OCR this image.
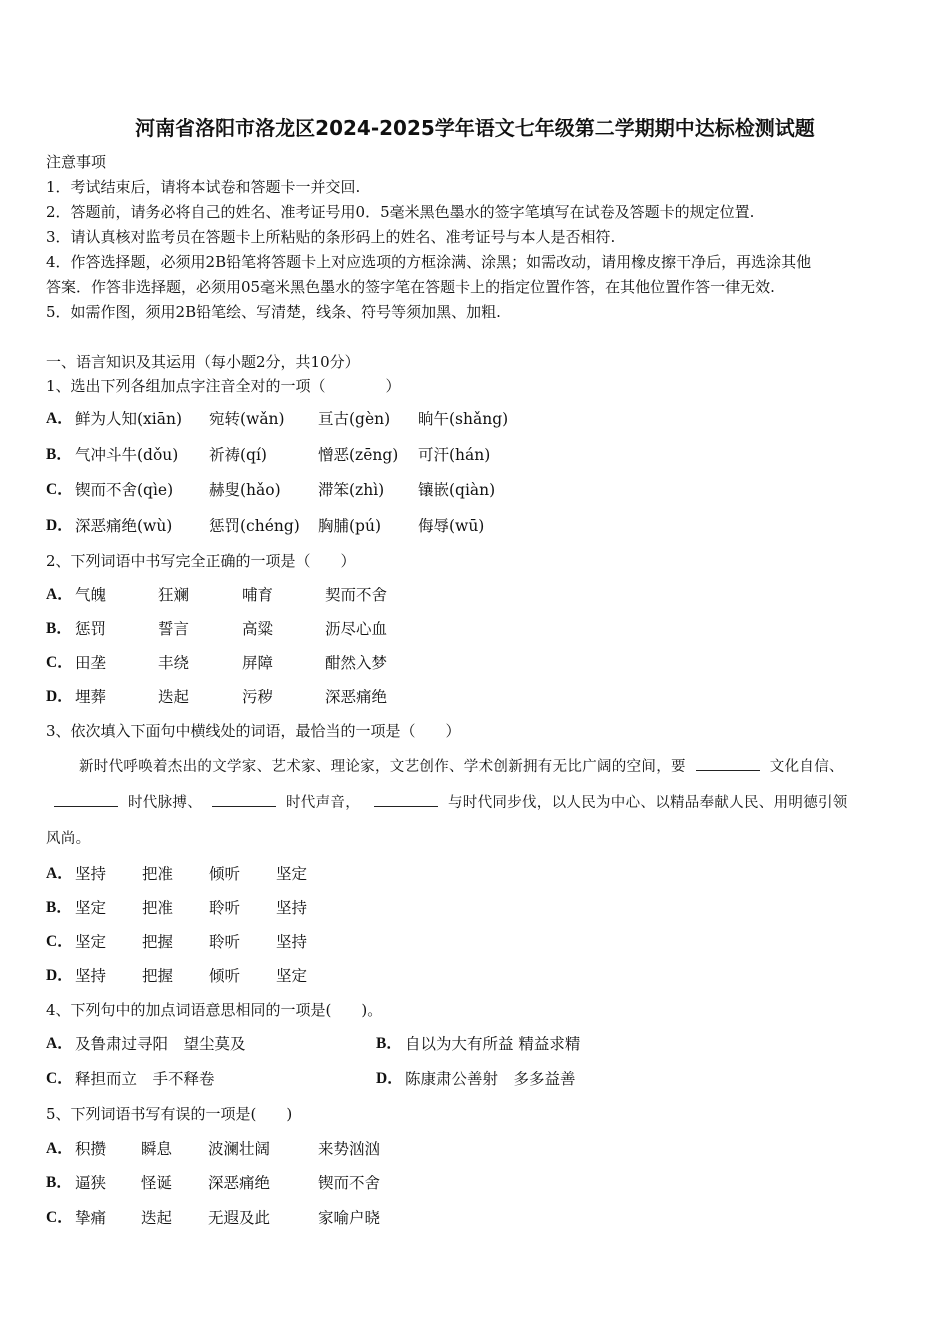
河南省洛阳市洛龙区2024-2025学年语文七年级第二学期期中达标检测试题
注意事项
1．考试结束后，请将本试卷和答题卡一并交回.
2．答题前，请务必将自己的姓名、准考证号用0．5毫米黑色墨水的签字笔填写在试卷及答题卡的规定位置.
3．请认真核对监考员在答题卡上所粘贴的条形码上的姓名、准考证号与本人是否相符.
4．作答选择题，必须用2B铅笔将答题卡上对应选项的方框涂满、涂黑；如需改动，请用橡皮擦干净后，再选涂其他
答案．作答非选择题，必须用05毫米黑色墨水的签字笔在答题卡上的指定位置作答，在其他位置作答一律无效.
5．如需作图，须用2B铅笔绘、写清楚，线条、符号等须加黑、加粗.
一、语言知识及其运用（每小题2分，共10分）
1、选出下列各组加点字注音全对的一项（　　　　）
A． 鲜为人知(xiān) 宛转(wǎn) 亘古(gèn) 晌午(shǎng)
B． 气冲斗牛(dǒu) 祈祷(qí)	憎恶(zēng) 可汗(hán)
C． 锲而不舍(qìe) 赫叟(hǎo) 滞笨(zhì) 镶嵌(qiàn)
D． 深恶痛绝(wù) 惩罚(chéng) 胸脯(pú) 侮辱(wū)
2、下列词语中书写完全正确的一项是（　　）
A． 气魄	狂斓	哺育	契而不舍
B． 惩罚	誓言	高粱	沥尽心血
C． 田垄	丰绕	屏障	酣然入梦
D． 埋葬	迭起	污秽	深恶痛绝
3、依次填入下面句中横线处的词语，最恰当的一项是（　　）
新时代呼唤着杰出的文学家、艺术家、理论家，文艺创作、学术创新拥有无比广阔的空间，要	文化自信、
时代脉搏、	时代声音，	与时代同步伐，以人民为中心、以精品奉献人民、用明德引领
风尚。
A． 坚持 把准 倾听 坚定
B． 坚定 把准 聆听 坚持
C． 坚定 把握 聆听 坚持
D． 坚持 把握 倾听 坚定
4、下列句中的加点词语意思相同的一项是(　　)。
A． 及鲁肃过寻阳　望尘莫及	B． 自以为大有所益 精益求精
C． 释担而立　手不释卷	D． 陈康肃公善射　多多益善
5、下列词语书写有误的一项是(　　)
A． 积攒 瞬息 波澜壮阔	来势汹汹
B． 逼狭 怪诞 深恶痛绝	锲而不舍
C． 挚痛 迭起 无遐及此	家喻户晓
